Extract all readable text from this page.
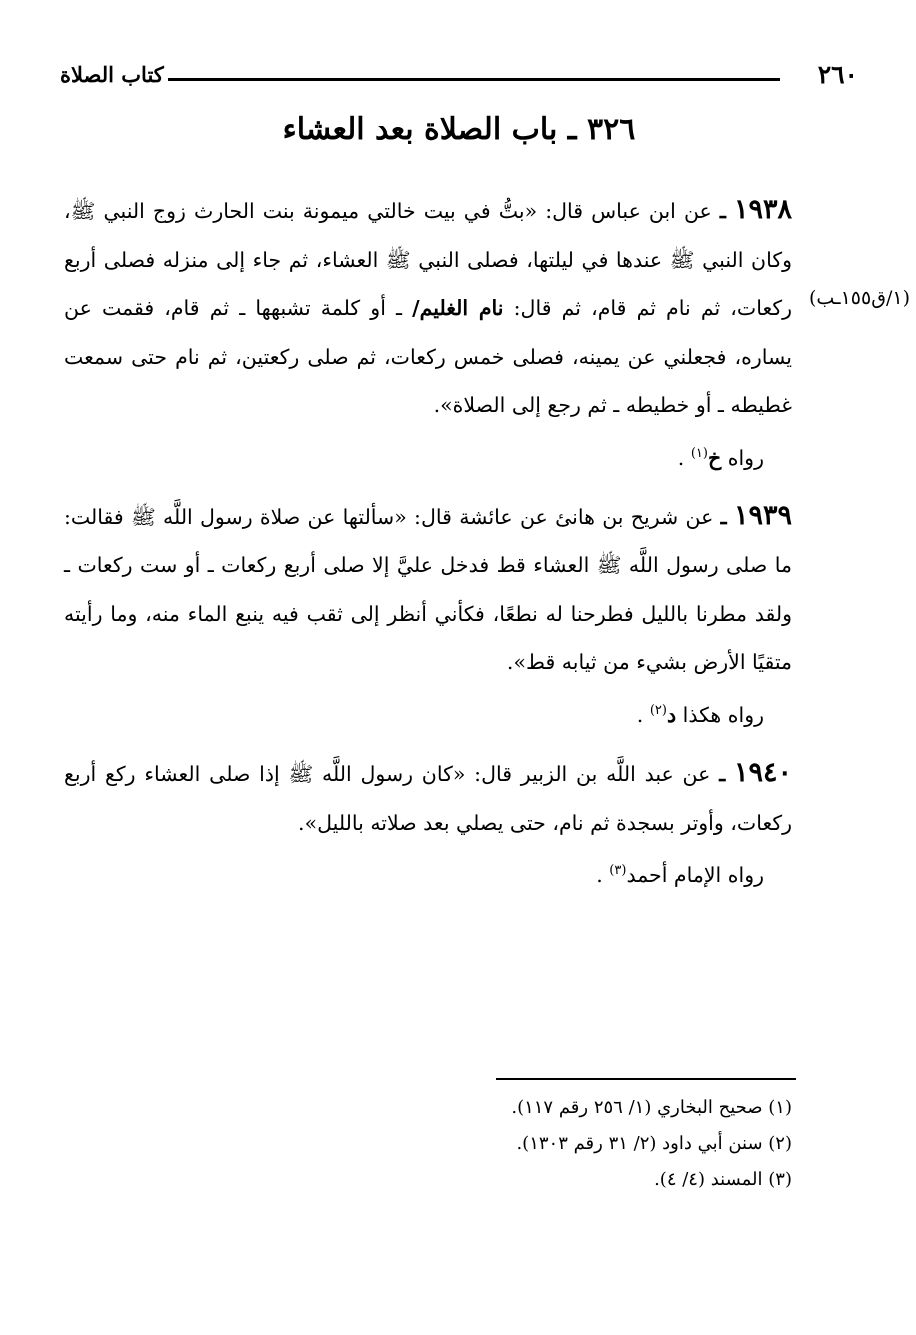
٢٦٠
كتاب الصلاة
٣٢٦ ـ باب الصلاة بعد العشاء
(١/ق١٥٥ـب)

١٩٣٨ ـ عن ابن عباس قال: «بتُّ في بيت خالتي ميمونة بنت الحارث زوج النبي ﷺ، وكان النبي ﷺ عندها في ليلتها، فصلى النبي ﷺ العشاء، ثم جاء إلى منزله فصلى أربع ركعات، ثم نام ثم قام، ثم قال: نام الغليم/ ـ أو كلمة تشبهها ـ ثم قام، فقمت عن يساره، فجعلني عن يمينه، فصلى خمس ركعات، ثم صلى ركعتين، ثم نام حتى سمعت غطيطه ـ أو خطيطه ـ ثم رجع إلى الصلاة».

رواه خ$^{(١)}$ .

١٩٣٩ ـ عن شريح بن هانئ عن عائشة قال: «سألتها عن صلاة رسول اللَّه ﷺ فقالت: ما صلى رسول اللَّه ﷺ العشاء قط فدخل عليَّ إلا صلى أربع ركعات ـ أو ست ركعات ـ ولقد مطرنا بالليل فطرحنا له نطعًا، فكأني أنظر إلى ثقب فيه ينبع الماء منه، وما رأيته متقيًا الأرض بشيء من ثيابه قط».

رواه هكذا د$^{(٢)}$ .

١٩٤٠ ـ عن عبد اللَّه بن الزبير قال: «كان رسول اللَّه ﷺ إذا صلى العشاء ركع أربع ركعات، وأوتر بسجدة ثم نام، حتى يصلي بعد صلاته بالليل».

رواه الإمام أحمد$^{(٣)}$ .

(١) صحيح البخاري (١/ ٢٥٦ رقم ١١٧).
(٢) سنن أبي داود (٢/ ٣١ رقم ١٣٠٣).
(٣) المسند (٤/ ٤).
